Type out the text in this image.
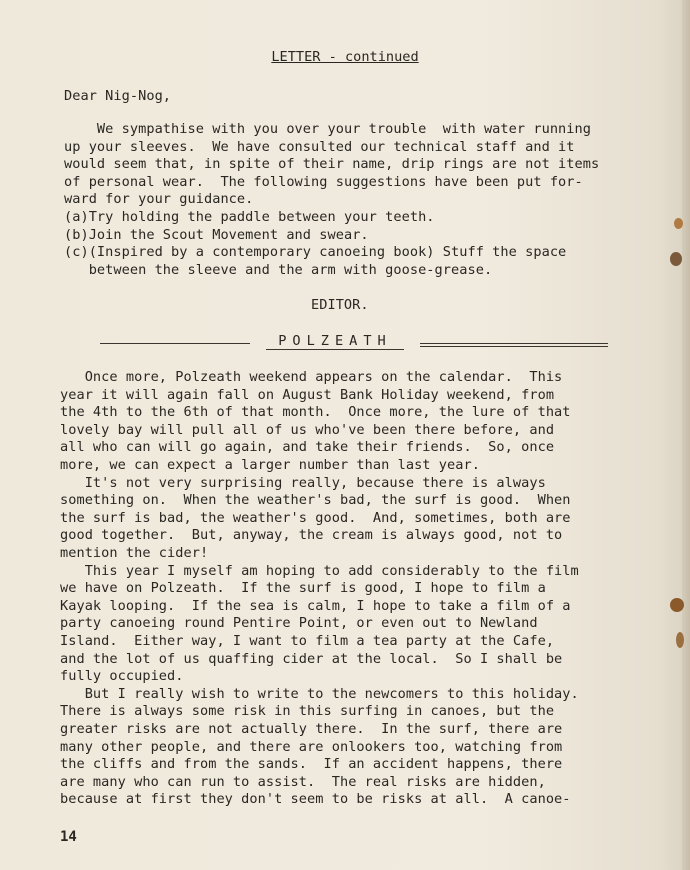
LETTER - continued
Dear Nig-Nog,
We sympathise with you over your trouble  with water running
up your sleeves.  We have consulted our technical staff and it
would seem that, in spite of their name, drip rings are not items
of personal wear.  The following suggestions have been put for-
ward for your guidance.
(a)Try holding the paddle between your teeth.
(b)Join the Scout Movement and swear.
(c)(Inspired by a contemporary canoeing book) Stuff the space
between the sleeve and the arm with goose-grease.
EDITOR.
POLZEATH
Once more, Polzeath weekend appears on the calendar.  This
year it will again fall on August Bank Holiday weekend, from
the 4th to the 6th of that month.  Once more, the lure of that
lovely bay will pull all of us who've been there before, and
all who can will go again, and take their friends.  So, once
more, we can expect a larger number than last year.
It's not very surprising really, because there is always
something on.  When the weather's bad, the surf is good.  When
the surf is bad, the weather's good.  And, sometimes, both are
good together.  But, anyway, the cream is always good, not to
mention the cider!
This year I myself am hoping to add considerably to the film
we have on Polzeath.  If the surf is good, I hope to film a
Kayak looping.  If the sea is calm, I hope to take a film of a
party canoeing round Pentire Point, or even out to Newland
Island.  Either way, I want to film a tea party at the Cafe,
and the lot of us quaffing cider at the local.  So I shall be
fully occupied.
But I really wish to write to the newcomers to this holiday.
There is always some risk in this surfing in canoes, but the
greater risks are not actually there.  In the surf, there are
many other people, and there are onlookers too, watching from
the cliffs and from the sands.  If an accident happens, there
are many who can run to assist.  The real risks are hidden,
because at first they don't seem to be risks at all.  A canoe-
14
